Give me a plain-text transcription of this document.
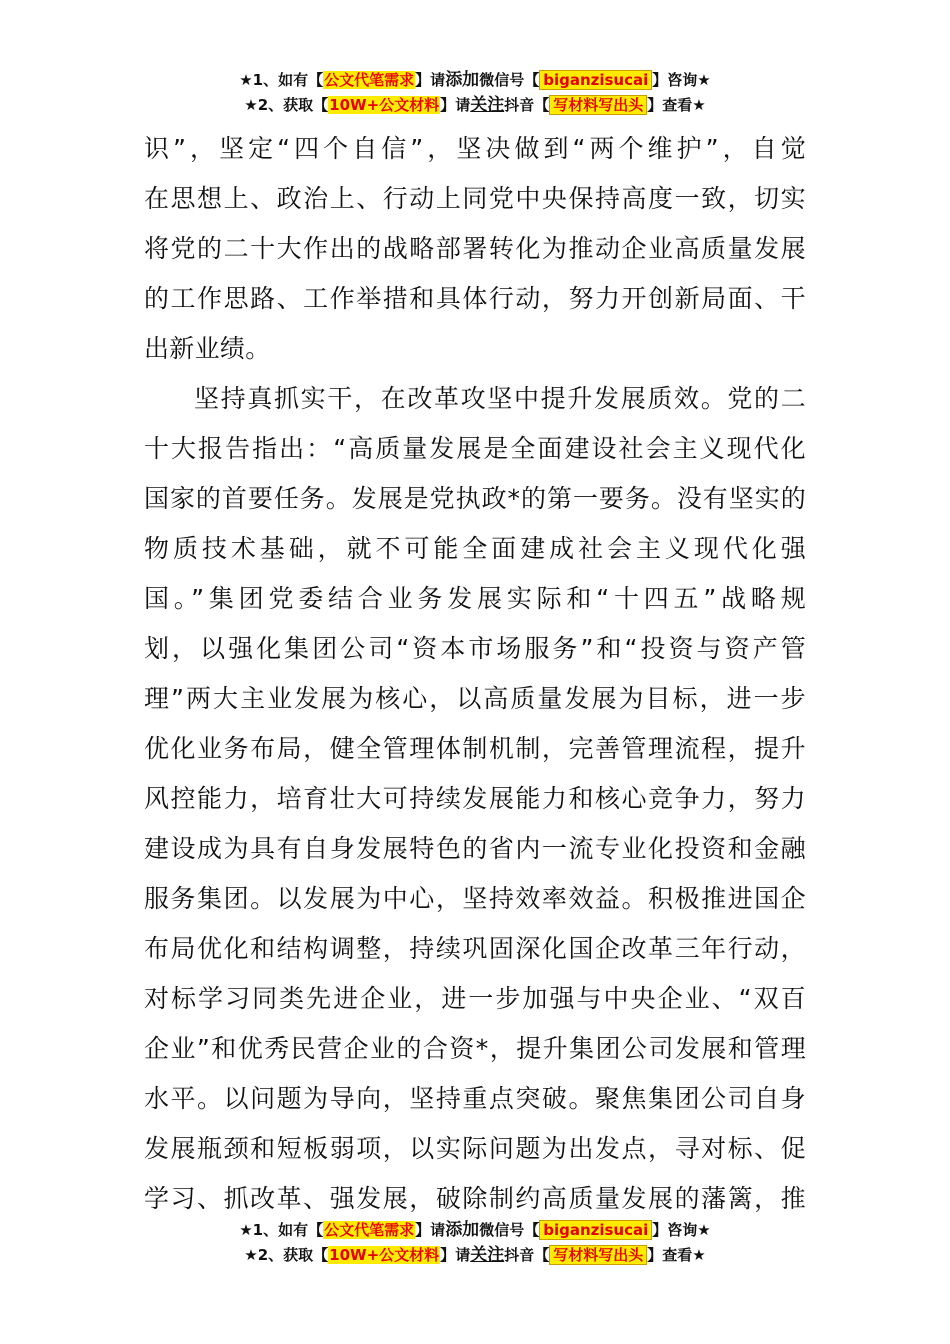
★1、如有【公文代笔需求】请添加微信号【 biganzisucai 】咨询★
★2、获取【10W+公文材料】请关注抖音【 写材料写出头 】查看★
识”，坚定“四个自信”，坚决做到“两个维护”，自觉
在思想上、政治上、行动上同党中央保持高度一致，切实
将党的二十大作出的战略部署转化为推动企业高质量发展
的工作思路、工作举措和具体行动，努力开创新局面、干
出新业绩。
坚持真抓实干，在改革攻坚中提升发展质效。党的二
十大报告指出：“高质量发展是全面建设社会主义现代化
国家的首要任务。发展是党执政*的第一要务。没有坚实的
物质技术基础，就不可能全面建成社会主义现代化强
国。”集团党委结合业务发展实际和“十四五”战略规
划，以强化集团公司“资本市场服务”和“投资与资产管
理”两大主业发展为核心，以高质量发展为目标，进一步
优化业务布局，健全管理体制机制，完善管理流程，提升
风控能力，培育壮大可持续发展能力和核心竞争力，努力
建设成为具有自身发展特色的省内一流专业化投资和金融
服务集团。以发展为中心，坚持效率效益。积极推进国企
布局优化和结构调整，持续巩固深化国企改革三年行动，
对标学习同类先进企业，进一步加强与中央企业、“双百
企业”和优秀民营企业的合资*，提升集团公司发展和管理
水平。以问题为导向，坚持重点突破。聚焦集团公司自身
发展瓶颈和短板弱项，以实际问题为出发点，寻对标、促
学习、抓改革、强发展，破除制约高质量发展的藩篱，推
★1、如有【公文代笔需求】请添加微信号【 biganzisucai 】咨询★
★2、获取【10W+公文材料】请关注抖音【 写材料写出头 】查看★
